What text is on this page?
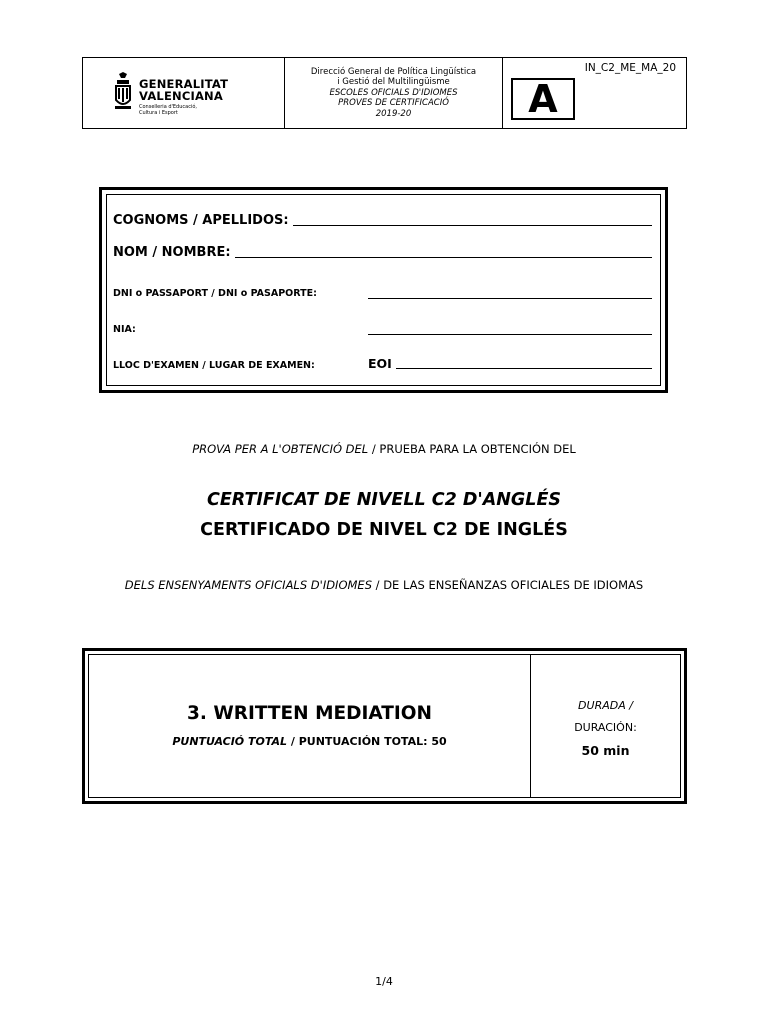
GENERALITAT
VALENCIANA
Conselleria d'Educació,
Cultura i Esport
Direcció General de Política Lingüística
i Gestió del Multilingüisme
ESCOLES OFICIALS D'IDIOMES
PROVES DE CERTIFICACIÓ
2019-20
IN_C2_ME_MA_20
A
COGNOMS / APELLIDOS:
NOM / NOMBRE:
DNI o PASSAPORT / DNI o PASAPORTE:
NIA:
LLOC D'EXAMEN / LUGAR DE EXAMEN:	EOI
PROVA PER A L'OBTENCIÓ DEL / PRUEBA PARA LA OBTENCIÓN DEL
CERTIFICAT DE NIVELL C2 D'ANGLÉS
CERTIFICADO DE NIVEL C2 DE INGLÉS
DELS ENSENYAMENTS OFICIALS D'IDIOMES / DE LAS ENSEÑANZAS OFICIALES DE IDIOMAS
3. WRITTEN MEDIATION
PUNTUACIÓ TOTAL / PUNTUACIÓN TOTAL: 50
DURADA /
DURACIÓN:
50 min
1/4
